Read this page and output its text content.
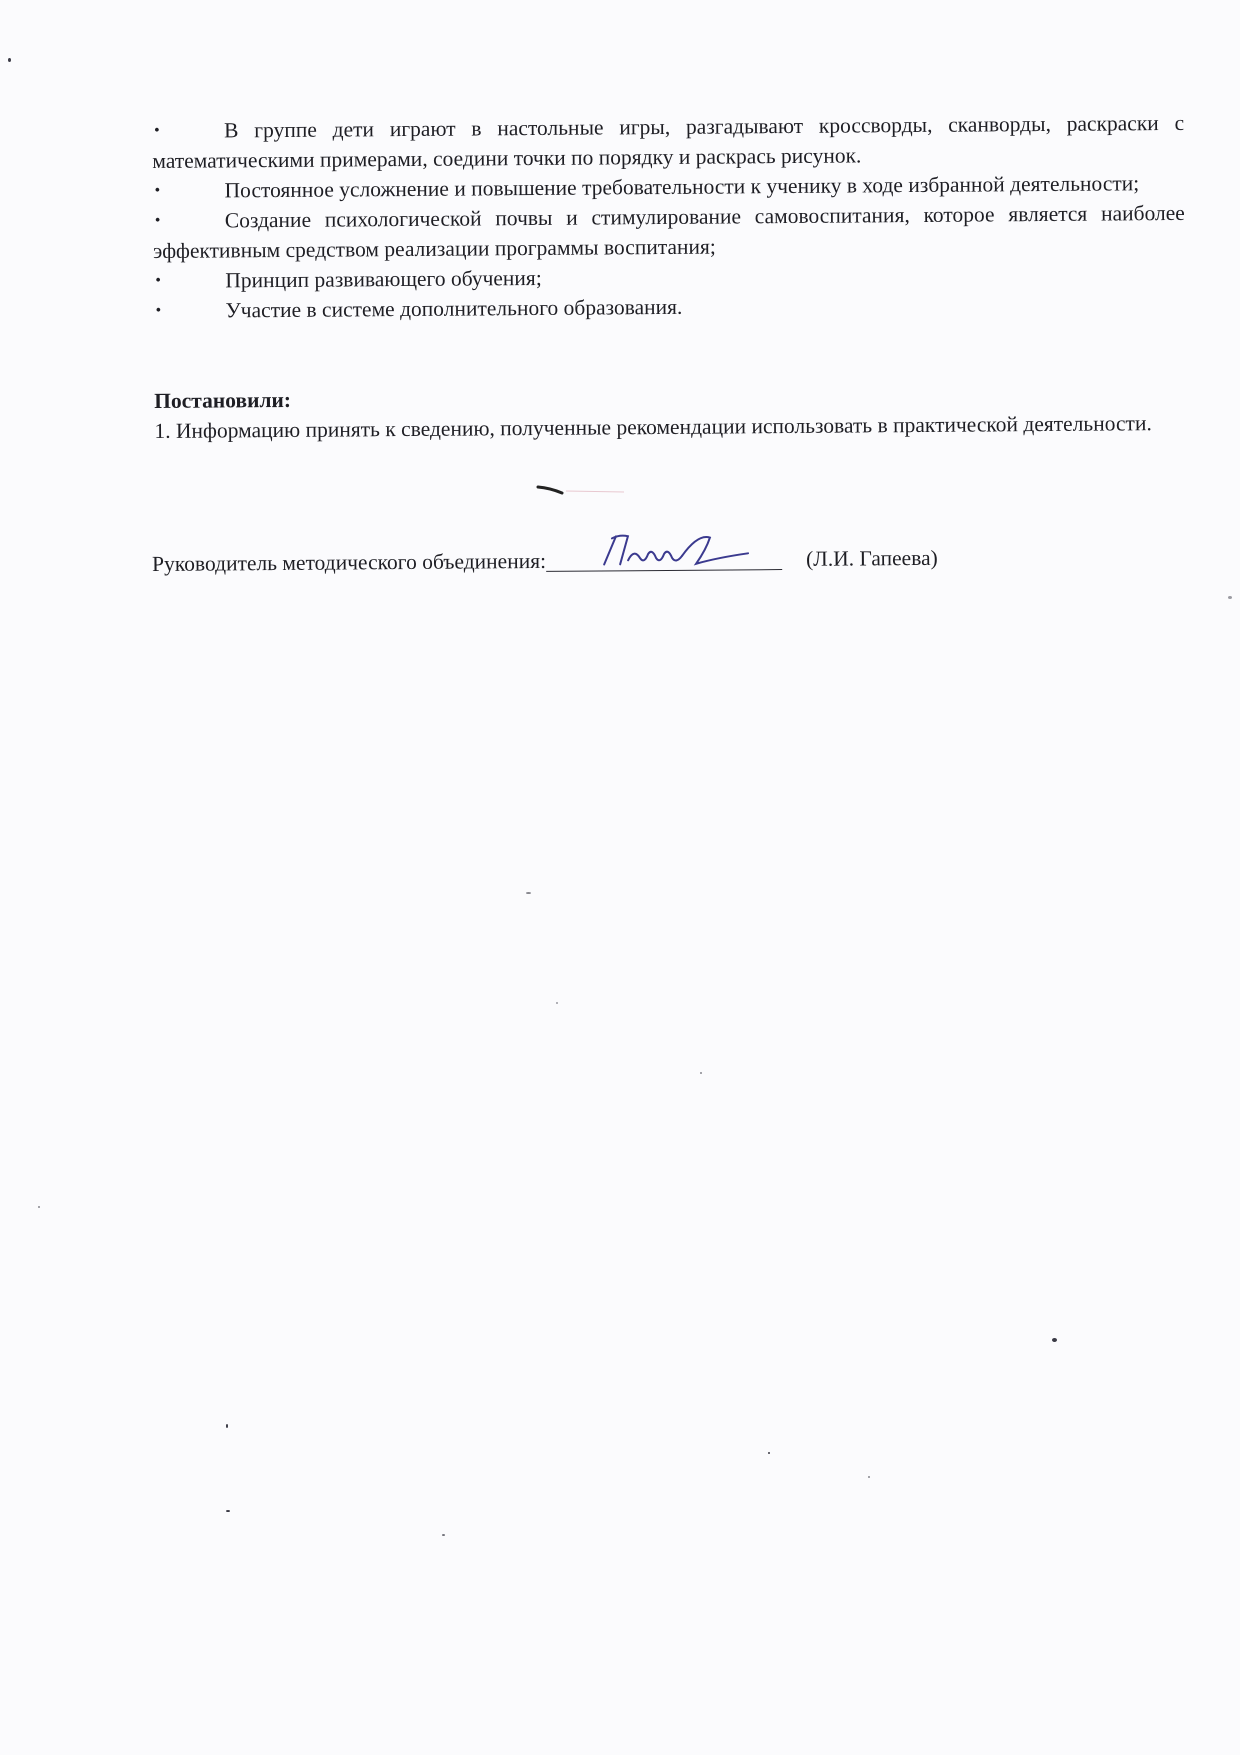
•	В группе дети играют в настольные игры, разгадывают кроссворды, сканворды, раскраски с математическими примерами, соедини точки по порядку и раскрась рисунок.
•	Постоянное усложнение и повышение требовательности к ученику в ходе избранной деятельности;
•	Создание психологической почвы и стимулирование самовоспитания, которое является наиболее эффективным средством реализации программы воспитания;
•	Принцип развивающего обучения;
•	Участие в системе дополнительного образования.

Постановили:

1. Информацию принять к сведению, полученные рекомендации использовать в практической деятельности.

Руководитель методического объединения:	(Л.И. Гапеева)
